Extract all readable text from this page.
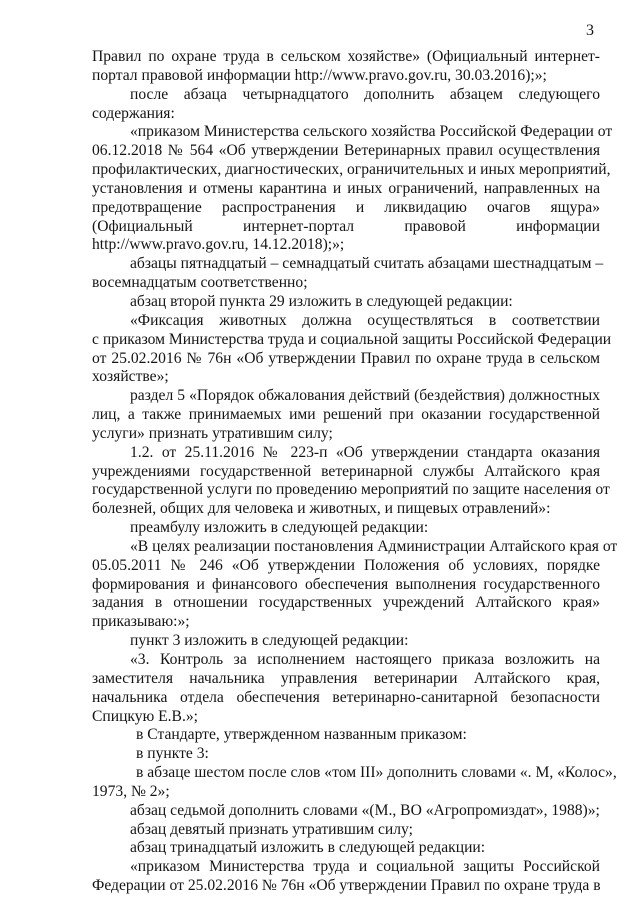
3
Правил по охране труда в сельском хозяйстве» (Официальный интернет-
портал правовой информации http://www.pravo.gov.ru, 30.03.2016);»;
после абзаца четырнадцатого дополнить абзацем следующего
содержания:
«приказом Министерства сельского хозяйства Российской Федерации от
06.12.2018 № 564 «Об утверждении Ветеринарных правил осуществления
профилактических, диагностических, ограничительных и иных мероприятий,
установления и отмены карантина и иных ограничений, направленных на
предотвращение распространения и ликвидацию очагов ящура»
(Официальный интернет-портал правовой информации
http://www.pravo.gov.ru, 14.12.2018);»;
абзацы пятнадцатый – семнадцатый считать абзацами шестнадцатым –
восемнадцатым соответственно;
абзац второй пункта 29 изложить в следующей редакции:
«Фиксация животных должна осуществляться в соответствии
с приказом Министерства труда и социальной защиты Российской Федерации
от 25.02.2016 № 76н «Об утверждении Правил по охране труда в сельском
хозяйстве»;
раздел 5 «Порядок обжалования действий (бездействия) должностных
лиц, а также принимаемых ими решений при оказании государственной
услуги» признать утратившим силу;
1.2. от 25.11.2016 № 223-п «Об утверждении стандарта оказания
учреждениями государственной ветеринарной службы Алтайского края
государственной услуги по проведению мероприятий по защите населения от
болезней, общих для человека и животных, и пищевых отравлений»:
преамбулу изложить в следующей редакции:
«В целях реализации постановления Администрации Алтайского края от
05.05.2011 № 246 «Об утверждении Положения об условиях, порядке
формирования и финансового обеспечения выполнения государственного
задания в отношении государственных учреждений Алтайского края»
приказываю:»;
пункт 3 изложить в следующей редакции:
«3. Контроль за исполнением настоящего приказа возложить на
заместителя начальника управления ветеринарии Алтайского края,
начальника отдела обеспечения ветеринарно-санитарной безопасности
Спицкую Е.В.»;
в Стандарте, утвержденном названным приказом:
в пункте 3:
в абзаце шестом после слов «том III» дополнить словами «. М, «Колос»,
1973, № 2»;
абзац седьмой дополнить словами «(М., ВО «Агропромиздат», 1988)»;
абзац девятый признать утратившим силу;
абзац тринадцатый изложить в следующей редакции:
«приказом Министерства труда и социальной защиты Российской
Федерации от 25.02.2016 № 76н «Об утверждении Правил по охране труда в
